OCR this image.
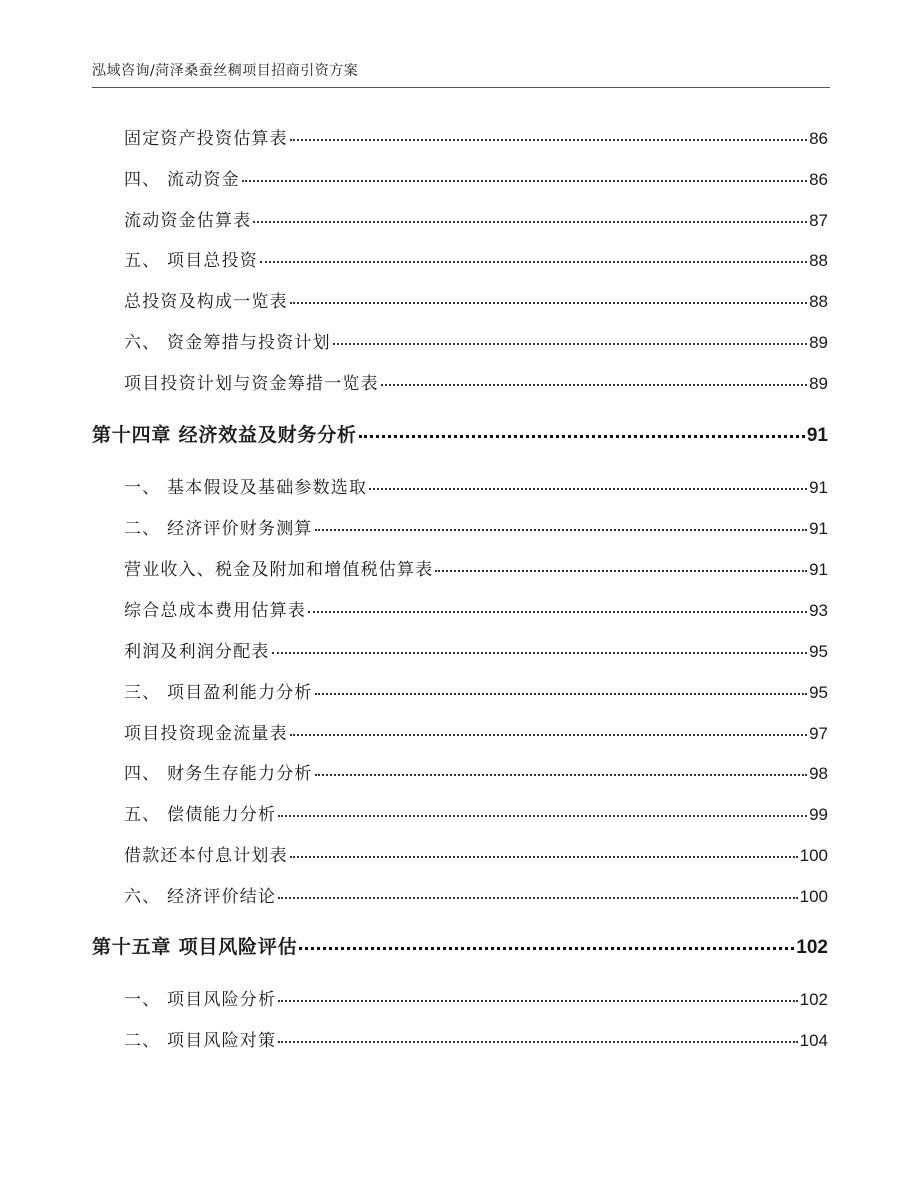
泓域咨询/菏泽桑蚕丝稠项目招商引资方案
固定资产投资估算表	86
四、 流动资金	86
流动资金估算表	87
五、 项目总投资	88
总投资及构成一览表	88
六、 资金筹措与投资计划	89
项目投资计划与资金筹措一览表	89
第十四章 经济效益及财务分析	91
一、 基本假设及基础参数选取	91
二、 经济评价财务测算	91
营业收入、税金及附加和增值税估算表	91
综合总成本费用估算表	93
利润及利润分配表	95
三、 项目盈利能力分析	95
项目投资现金流量表	97
四、 财务生存能力分析	98
五、 偿债能力分析	99
借款还本付息计划表	100
六、 经济评价结论	100
第十五章 项目风险评估	102
一、 项目风险分析	102
二、 项目风险对策	104
